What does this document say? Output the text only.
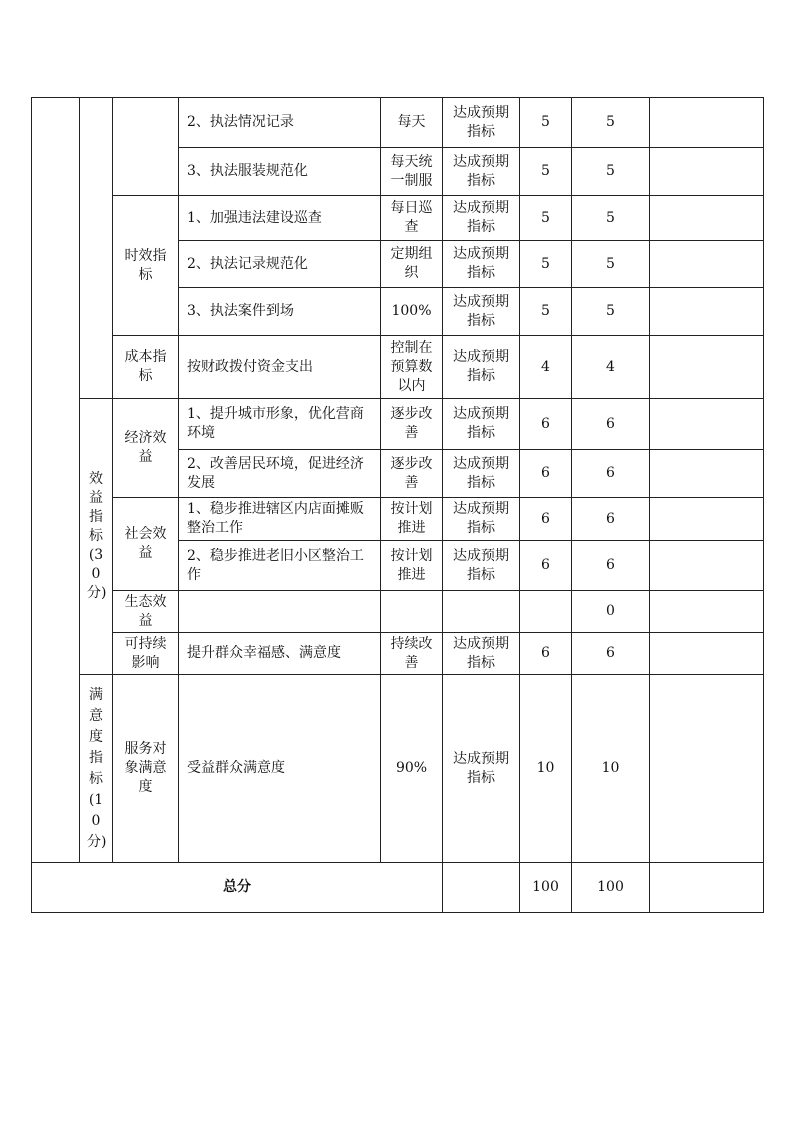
			2、执法情况记录	每天	达成预期指标	5	5	
			3、执法服装规范化	每天统一制服	达成预期指标	5	5	
		时效指标	1、加强违法建设巡查	每日巡查	达成预期指标	5	5	
			2、执法记录规范化	定期组织	达成预期指标	5	5	
			3、执法案件到场	100%	达成预期指标	5	5	
		成本指标	按财政拨付资金支出	控制在预算数以内	达成预期指标	4	4	
	效益指标(30分)	经济效益	1、提升城市形象，优化营商环境	逐步改善	达成预期指标	6	6	
			2、改善居民环境，促进经济发展	逐步改善	达成预期指标	6	6	
		社会效益	1、稳步推进辖区内店面摊贩整治工作	按计划推进	达成预期指标	6	6	
			2、稳步推进老旧小区整治工作	按计划推进	达成预期指标	6	6	
		生态效益					0	
		可持续影响	提升群众幸福感、满意度	持续改善	达成预期指标	6	6	
	满意度指标(10分)	服务对象满意度	受益群众满意度	90%	达成预期指标	10	10	
总分						100	100	
